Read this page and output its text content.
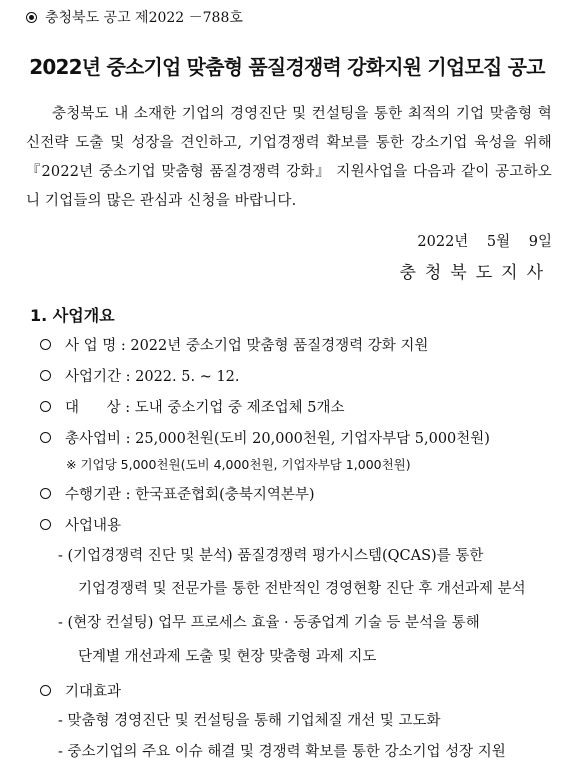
충청북도 공고 제2022 －788호
2022년 중소기업 맞춤형 품질경쟁력 강화지원 기업모집 공고
충청북도 내 소재한 기업의 경영진단 및 컨설팅을 통한 최적의 기업 맞춤형 혁신전략 도출 및 성장을 견인하고, 기업경쟁력 확보를 통한 강소기업 육성을 위해 『2022년 중소기업 맞춤형 품질경쟁력 강화』 지원사업을 다음과 같이 공고하오니 기업들의 많은 관심과 신청을 바랍니다.
2022년 5월 9일
충청북도지사
1. 사업개요
사 업 명 : 2022년 중소기업 맞춤형 품질경쟁력 강화 지원
사업기간 : 2022. 5. ~ 12.
대      상 : 도내 중소기업 중 제조업체 5개소
총사업비 : 25,000천원(도비 20,000천원, 기업자부담 5,000천원)
※ 기업당 5,000천원(도비 4,000천원, 기업자부담 1,000천원)
수행기관 : 한국표준협회(충북지역본부)
사업내용
- (기업경쟁력 진단 및 분석) 품질경쟁력 평가시스템(QCAS)를 통한
기업경쟁력 및 전문가를 통한 전반적인 경영현황 진단 후 개선과제 분석
- (현장 컨설팅) 업무 프로세스 효율 · 동종업계 기술 등 분석을 통해
단계별 개선과제 도출 및 현장 맞춤형 과제 지도
기대효과
- 맞춤형 경영진단 및 컨설팅을 통해 기업체질 개선 및 고도화
- 중소기업의 주요 이슈 해결 및 경쟁력 확보를 통한 강소기업 성장 지원
